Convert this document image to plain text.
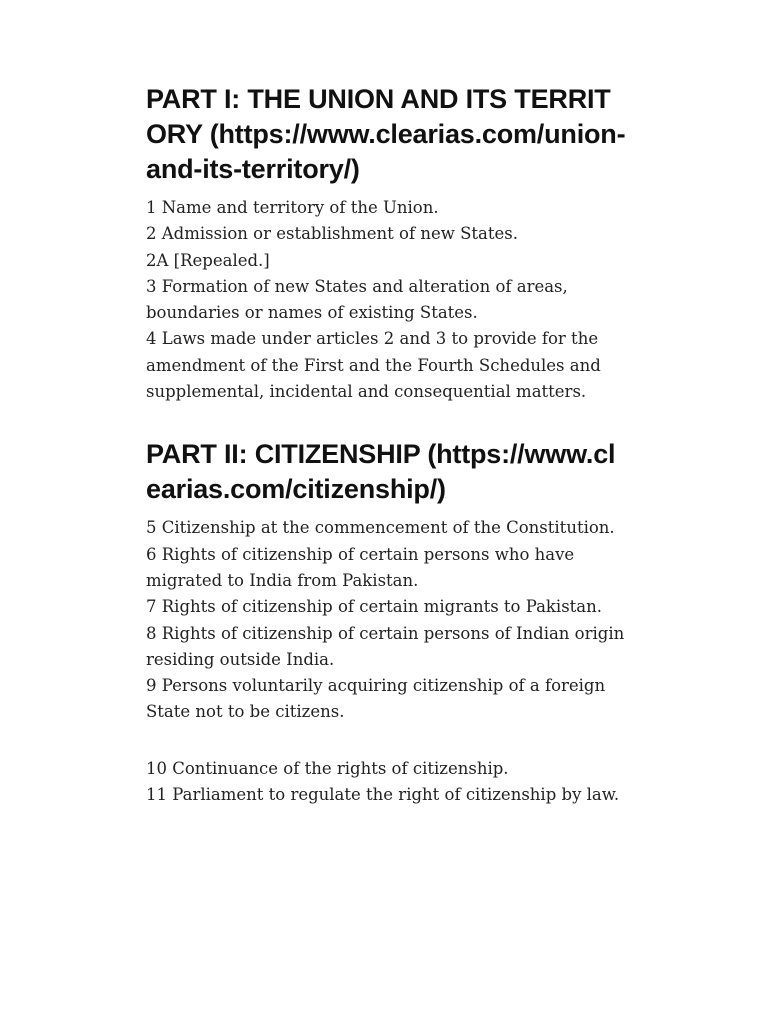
PART I: THE UNION AND ITS TERRITORY (https://www.clearias.com/union-and-its-territory/)
1 Name and territory of the Union.
2 Admission or establishment of new States.
2A [Repealed.]
3 Formation of new States and alteration of areas, boundaries or names of existing States.
4 Laws made under articles 2 and 3 to provide for the amendment of the First and the Fourth Schedules and supplemental, incidental and consequential matters.
PART II: CITIZENSHIP (https://www.clearias.com/citizenship/)
5 Citizenship at the commencement of the Constitution.
6 Rights of citizenship of certain persons who have migrated to India from Pakistan.
7 Rights of citizenship of certain migrants to Pakistan.
8 Rights of citizenship of certain persons of Indian origin residing outside India.
9 Persons voluntarily acquiring citizenship of a foreign State not to be citizens.
10 Continuance of the rights of citizenship.
11 Parliament to regulate the right of citizenship by law.
